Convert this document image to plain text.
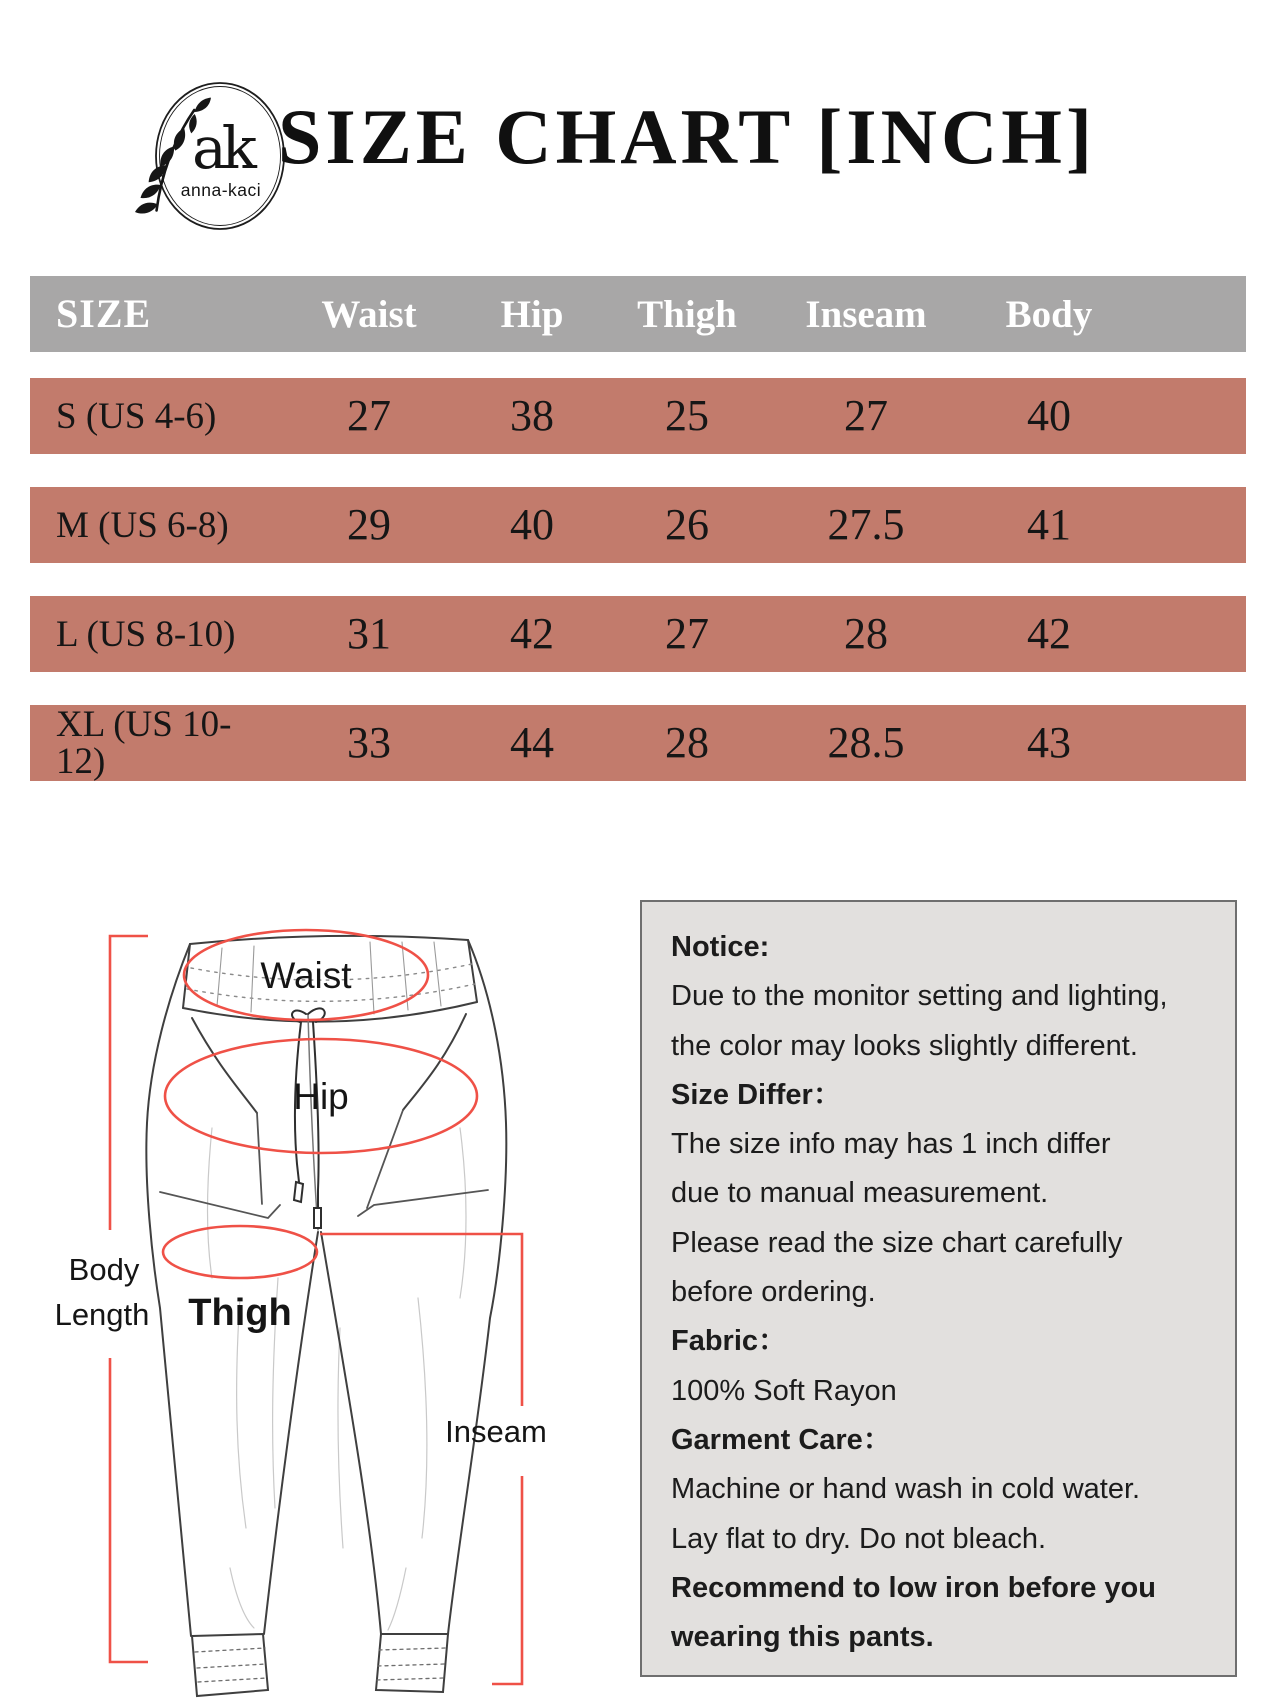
ak
anna-kaci
SIZE CHART [INCH]
SIZE	Waist	Hip	Thigh	Inseam	Body
S (US 4-6)	27	38	25	27	40
M (US 6-8)	29	40	26	27.5	41
L (US 8-10)	31	42	27	28	42
XL (US 10-12)	33	44	28	28.5	43
Waist
Hip
Thigh
Body
Length
Inseam

Notice:

Due to the monitor setting and lighting,

the color may looks slightly different.

Size Differ：

The size info may has 1 inch differ

due to manual measurement.

Please read the size chart carefully

before ordering.

Fabric：

100% Soft Rayon

Garment Care：

Machine or hand wash in cold water.

Lay flat to dry. Do not bleach.

Recommend to low iron before you

wearing this pants.
